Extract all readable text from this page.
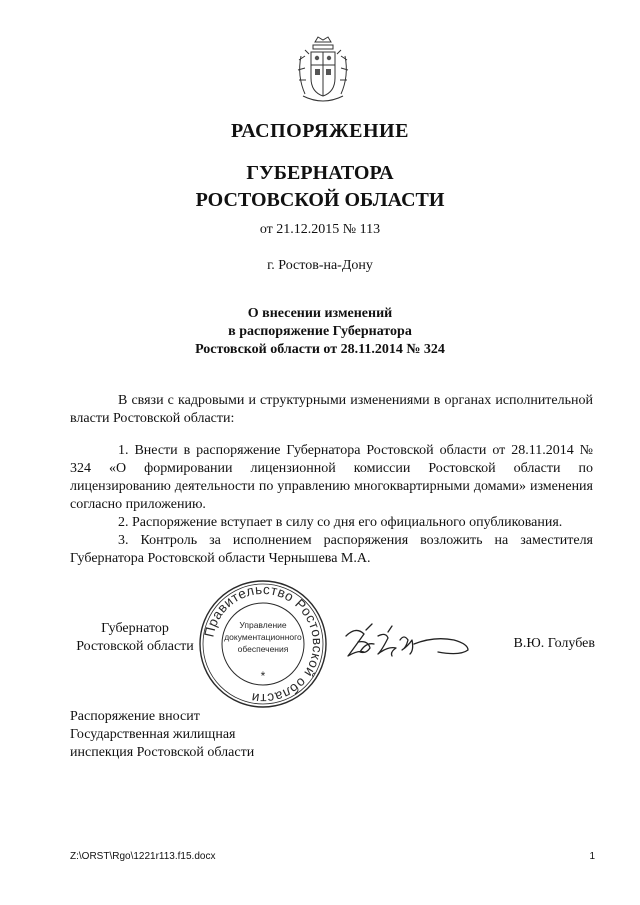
РАСПОРЯЖЕНИЕ
ГУБЕРНАТОРА
РОСТОВСКОЙ ОБЛАСТИ
от 21.12.2015 № 113
г. Ростов-на-Дону
О внесении изменений
в распоряжение Губернатора
Ростовской области от 28.11.2014 № 324

В связи с кадровыми и структурными изменениями в органах исполнительной власти Ростовской области:

1. Внести в распоряжение Губернатора Ростовской области от 28.11.2014 № 324 «О формировании лицензионной комиссии Ростовской области по лицензированию деятельности по управлению многоквартирными домами» изменения согласно приложению.

2. Распоряжение вступает в силу со дня его официального опубликования.

3. Контроль за исполнением распоряжения возложить на заместителя Губернатора Ростовской области Чернышева М.А.

Губернатор
Ростовской области
Правительство Ростовской области
Управление
документационного
обеспечения
*
В.Ю. Голубев
Распоряжение вносит
Государственная жилищная
инспекция Ростовской области
Z:\ORST\Rgo\1221r113.f15.docx	1
